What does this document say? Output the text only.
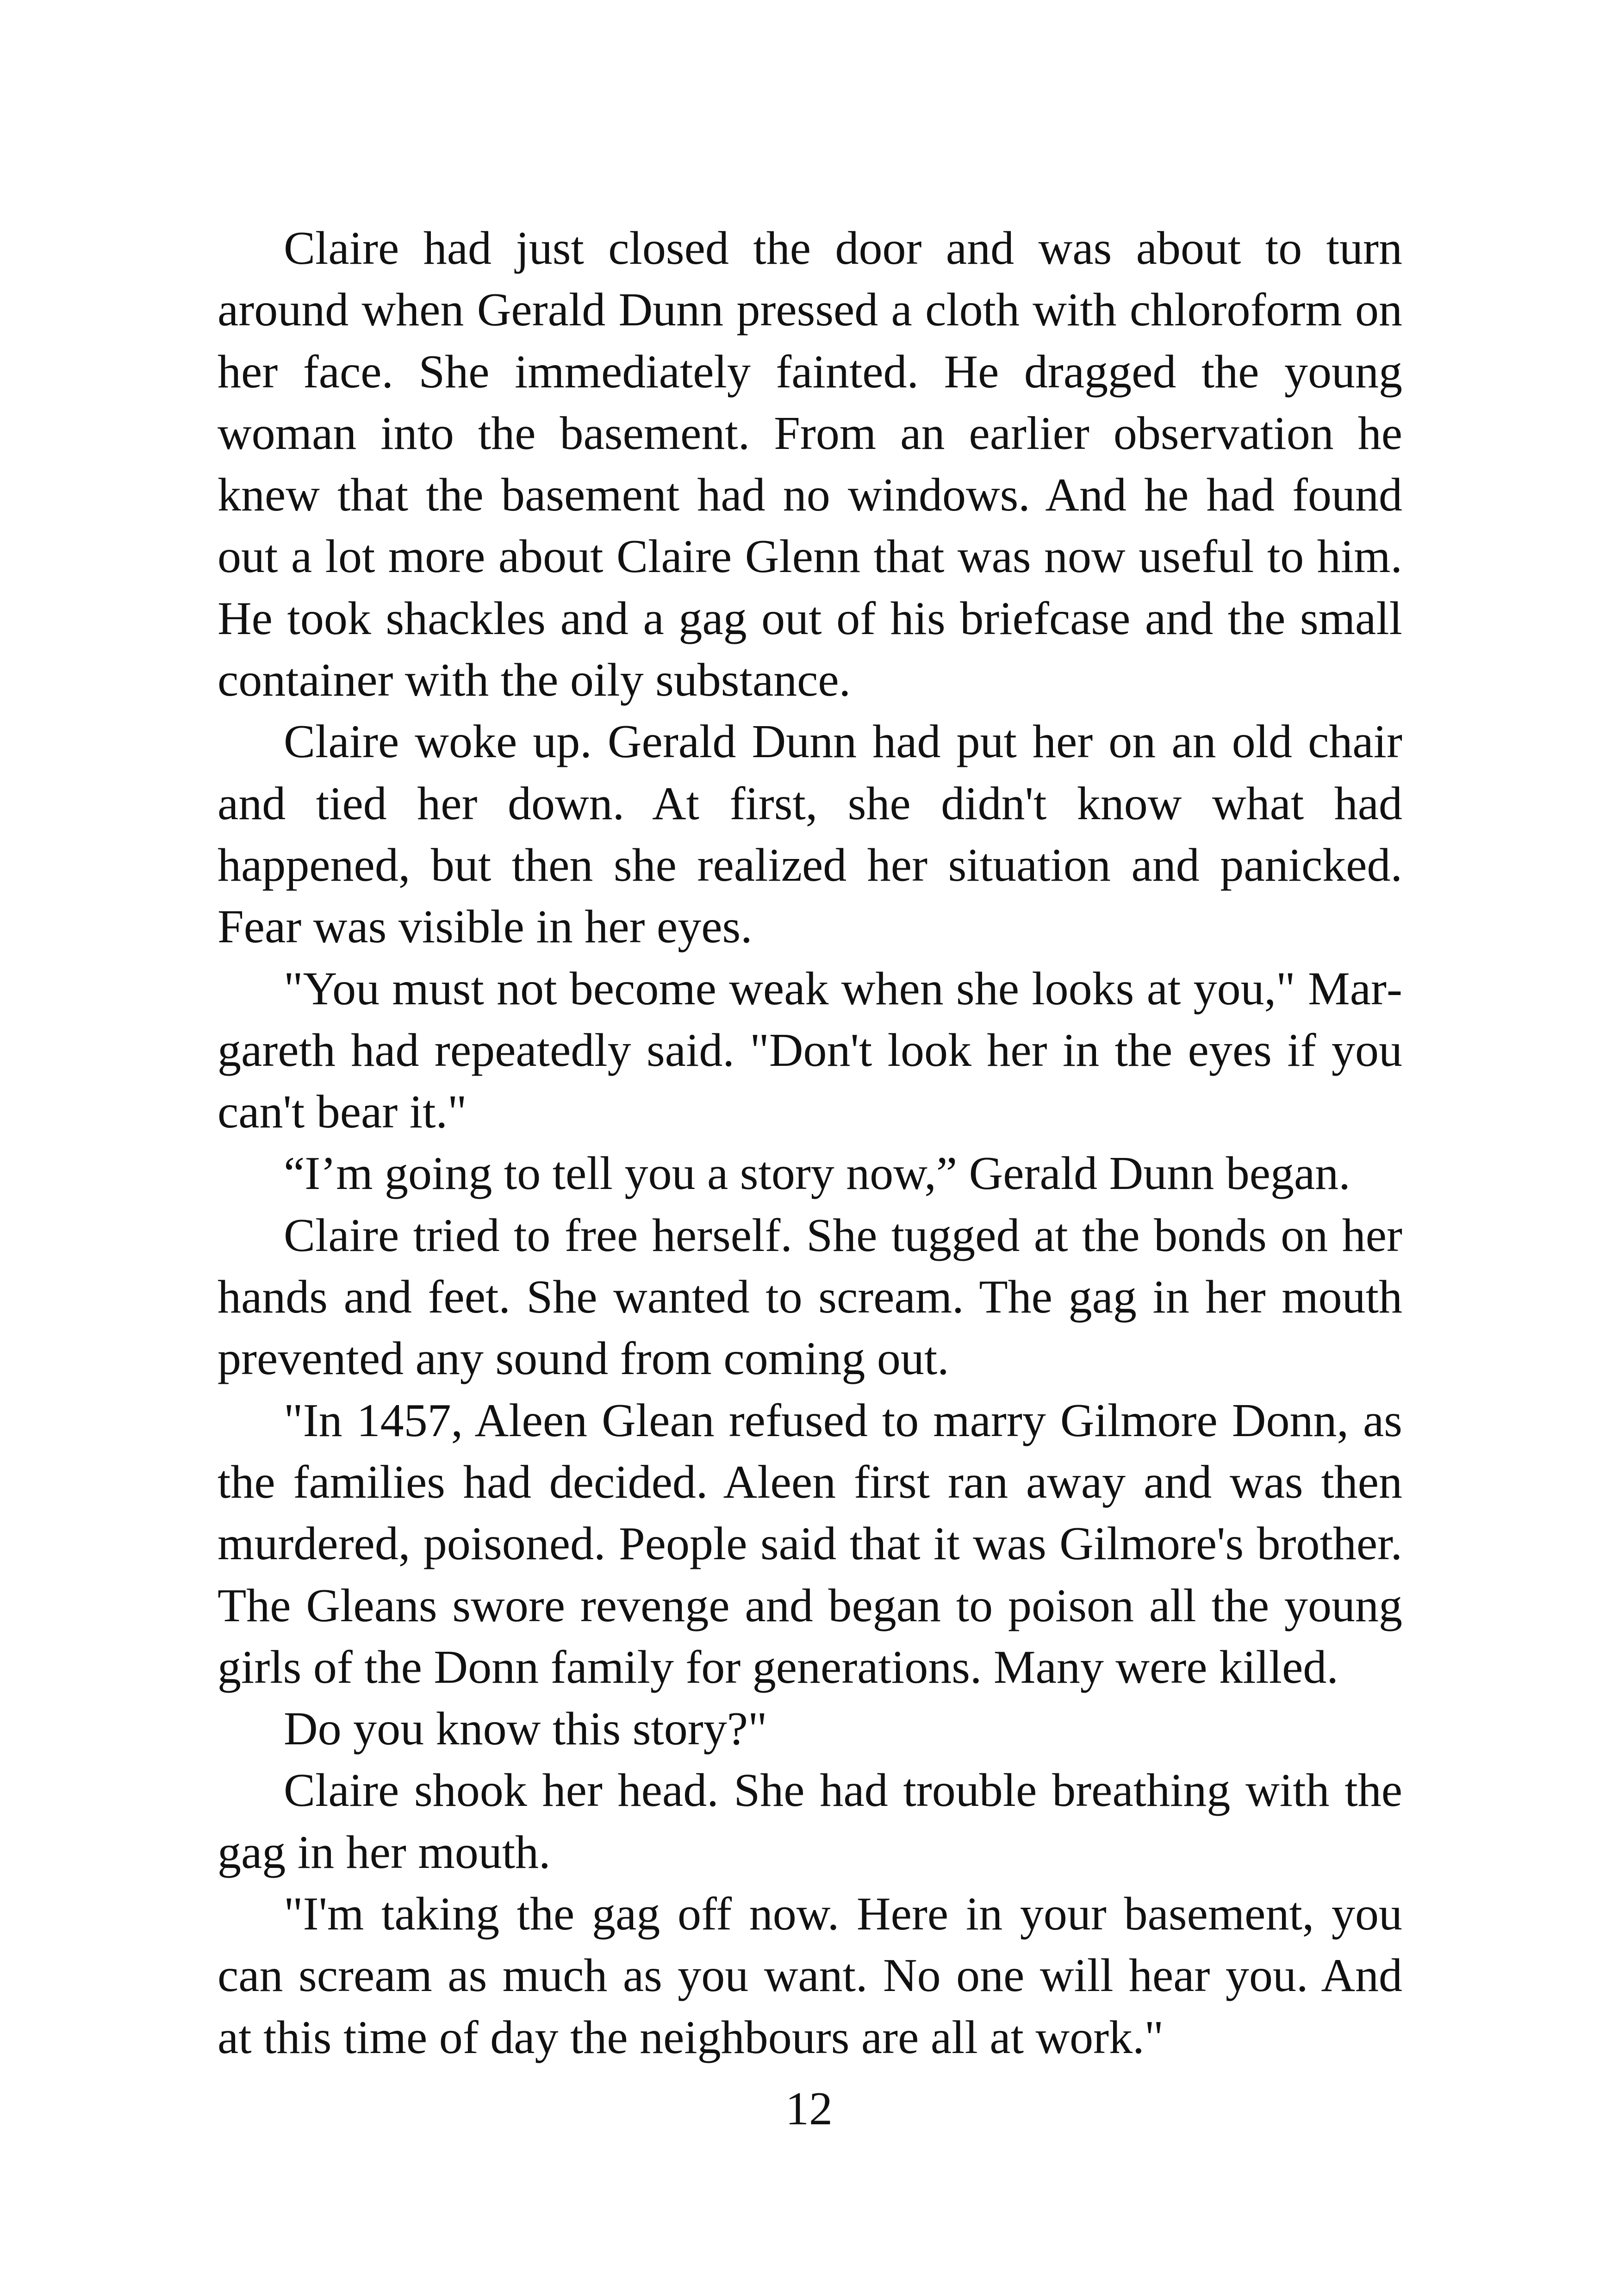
Claire had just closed the door and was about to turn around when Gerald Dunn pressed a cloth with chloroform on her face. She immediately fainted. He dragged the young woman into the basement. From an earlier observation he knew that the basement had no windows. And he had found out a lot more about Claire Glenn that was now useful to him. He took shackles and a gag out of his briefcase and the small container with the oily substance.

Claire woke up. Gerald Dunn had put her on an old chair and tied her down. At first, she didn't know what had happened, but then she realized her situation and panicked. Fear was visible in her eyes.

"You must not become weak when she looks at you," Margareth had repeatedly said. "Don't look her in the eyes if you can't bear it."

“I’m going to tell you a story now,” Gerald Dunn began.

Claire tried to free herself. She tugged at the bonds on her hands and feet. She wanted to scream. The gag in her mouth prevented any sound from coming out.

"In 1457, Aleen Glean refused to marry Gilmore Donn, as the families had decided. Aleen first ran away and was then murdered, poisoned. People said that it was Gilmore's brother. The Gleans swore revenge and began to poison all the young girls of the Donn family for generations. Many were killed.

Do you know this story?"

Claire shook her head. She had trouble breathing with the gag in her mouth.

"I'm taking the gag off now. Here in your basement, you can scream as much as you want. No one will hear you. And at this time of day the neighbours are all at work."

12
